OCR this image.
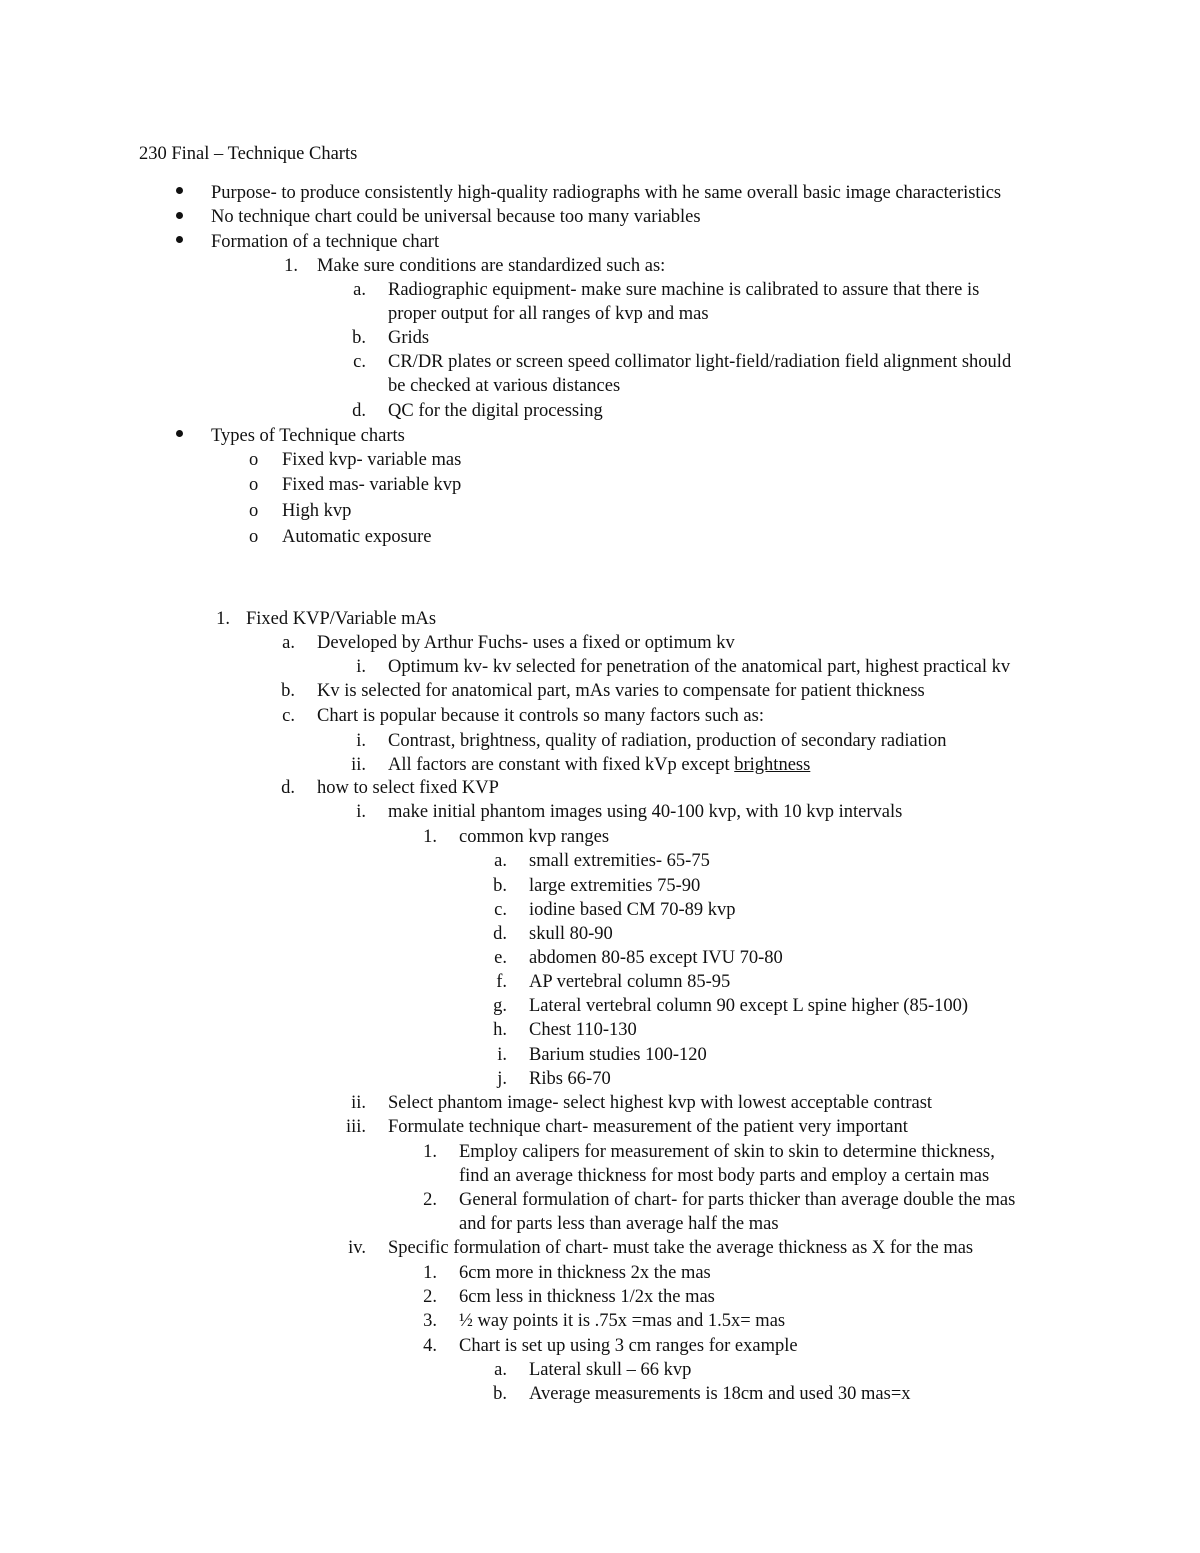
230 Final – Technique Charts
Purpose- to produce consistently high-quality radiographs with he same overall basic image characteristics
No technique chart could be universal because too many variables
Formation of a technique chart
1. Make sure conditions are standardized such as:
a. Radiographic equipment- make sure machine is calibrated to assure that there is
proper output for all ranges of kvp and mas
b. Grids
c. CR/DR plates or screen speed collimator light-field/radiation field alignment should
be checked at various distances
d. QC for the digital processing
Types of Technique charts
o Fixed kvp- variable mas
o Fixed mas- variable kvp
o High kvp
o Automatic exposure
1. Fixed KVP/Variable mAs
a. Developed by Arthur Fuchs- uses a fixed or optimum kv
i. Optimum kv- kv selected for penetration of the anatomical part, highest practical kv
b. Kv is selected for anatomical part, mAs varies to compensate for patient thickness
c. Chart is popular because it controls so many factors such as:
i. Contrast, brightness, quality of radiation, production of secondary radiation
ii. All factors are constant with fixed kVp except brightness
d. how to select fixed KVP
i. make initial phantom images using 40-100 kvp, with 10 kvp intervals
1. common kvp ranges
a. small extremities- 65-75
b. large extremities 75-90
c. iodine based CM 70-89 kvp
d. skull 80-90
e. abdomen 80-85 except IVU 70-80
f. AP vertebral column 85-95
g. Lateral vertebral column 90 except L spine higher (85-100)
h. Chest 110-130
i. Barium studies 100-120
j. Ribs 66-70
ii. Select phantom image- select highest kvp with lowest acceptable contrast
iii. Formulate technique chart- measurement of the patient very important
1. Employ calipers for measurement of skin to skin to determine thickness,
find an average thickness for most body parts and employ a certain mas
2. General formulation of chart- for parts thicker than average double the mas
and for parts less than average half the mas
iv. Specific formulation of chart- must take the average thickness as X for the mas
1. 6cm more in thickness 2x the mas
2. 6cm less in thickness 1/2x the mas
3. ½ way points it is .75x =mas and 1.5x= mas
4. Chart is set up using 3 cm ranges for example
a. Lateral skull – 66 kvp
b. Average measurements is 18cm and used 30 mas=x
